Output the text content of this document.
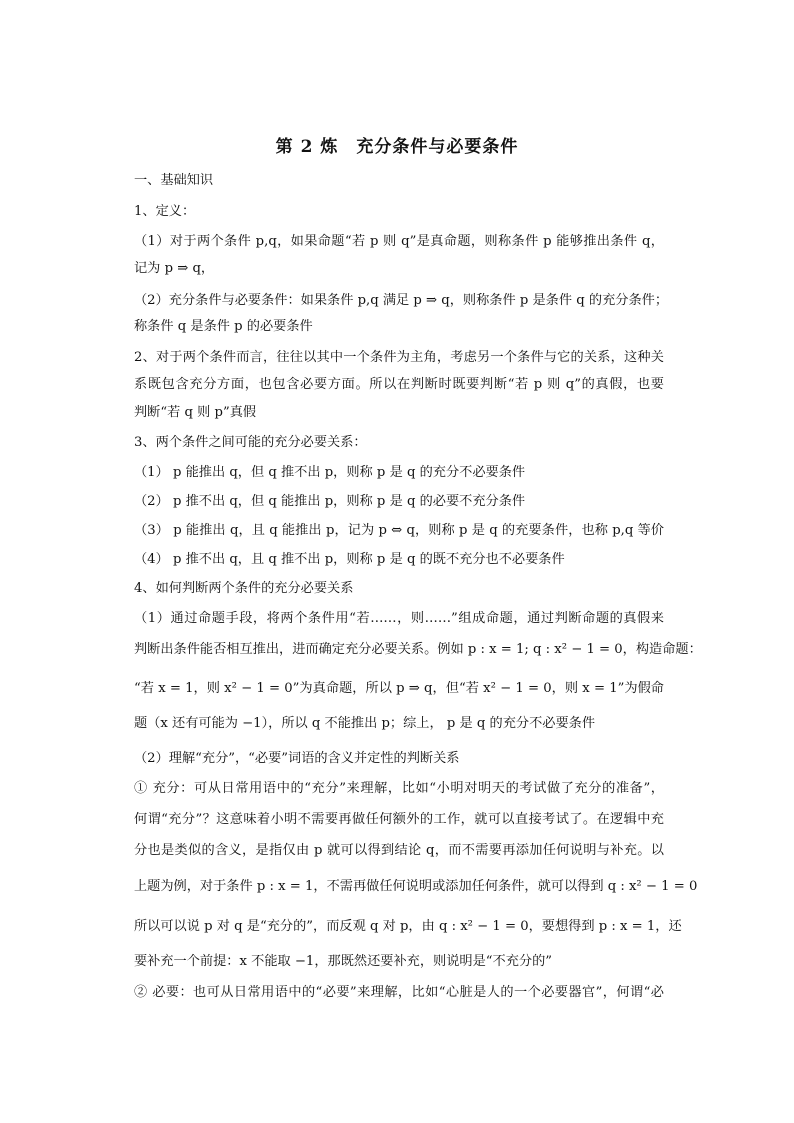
第 2 炼　充分条件与必要条件
一、基础知识
1、定义：
（1）对于两个条件 p,q，如果命题“若 p 则 q”是真命题，则称条件 p 能够推出条件 q，
记为 p ⇒ q，
（2）充分条件与必要条件：如果条件 p,q 满足 p ⇒ q，则称条件 p 是条件 q 的充分条件；
称条件 q 是条件 p 的必要条件
2、对于两个条件而言，往往以其中一个条件为主角，考虑另一个条件与它的关系，这种关
系既包含充分方面，也包含必要方面。所以在判断时既要判断“若 p 则 q”的真假，也要
判断“若 q 则 p”真假
3、两个条件之间可能的充分必要关系：
（1） p 能推出 q，但 q 推不出 p，则称 p 是 q 的充分不必要条件
（2） p 推不出 q，但 q 能推出 p，则称 p 是 q 的必要不充分条件
（3） p 能推出 q，且 q 能推出 p，记为 p ⇔ q，则称 p 是 q 的充要条件，也称 p,q 等价
（4） p 推不出 q，且 q 推不出 p，则称 p 是 q 的既不充分也不必要条件
4、如何判断两个条件的充分必要关系
（1）通过命题手段，将两个条件用“若……，则……”组成命题，通过判断命题的真假来
判断出条件能否相互推出，进而确定充分必要关系。例如 p : x = 1; q : x² − 1 = 0，构造命题：
“若 x = 1，则 x² − 1 = 0”为真命题，所以 p ⇒ q，但“若 x² − 1 = 0，则 x = 1”为假命
题（x 还有可能为 −1），所以 q 不能推出 p；综上， p 是 q 的充分不必要条件
（2）理解“充分”，“必要”词语的含义并定性的判断关系
① 充分：可从日常用语中的“充分”来理解，比如“小明对明天的考试做了充分的准备”，
何谓“充分”？这意味着小明不需要再做任何额外的工作，就可以直接考试了。在逻辑中充
分也是类似的含义，是指仅由 p 就可以得到结论 q，而不需要再添加任何说明与补充。以
上题为例，对于条件 p : x = 1，不需再做任何说明或添加任何条件，就可以得到 q : x² − 1 = 0
所以可以说 p 对 q 是“充分的”，而反观 q 对 p，由 q : x² − 1 = 0，要想得到 p : x = 1，还
要补充一个前提：x 不能取 −1，那既然还要补充，则说明是“不充分的”
② 必要：也可从日常用语中的“必要”来理解，比如“心脏是人的一个必要器官”，何谓“必
